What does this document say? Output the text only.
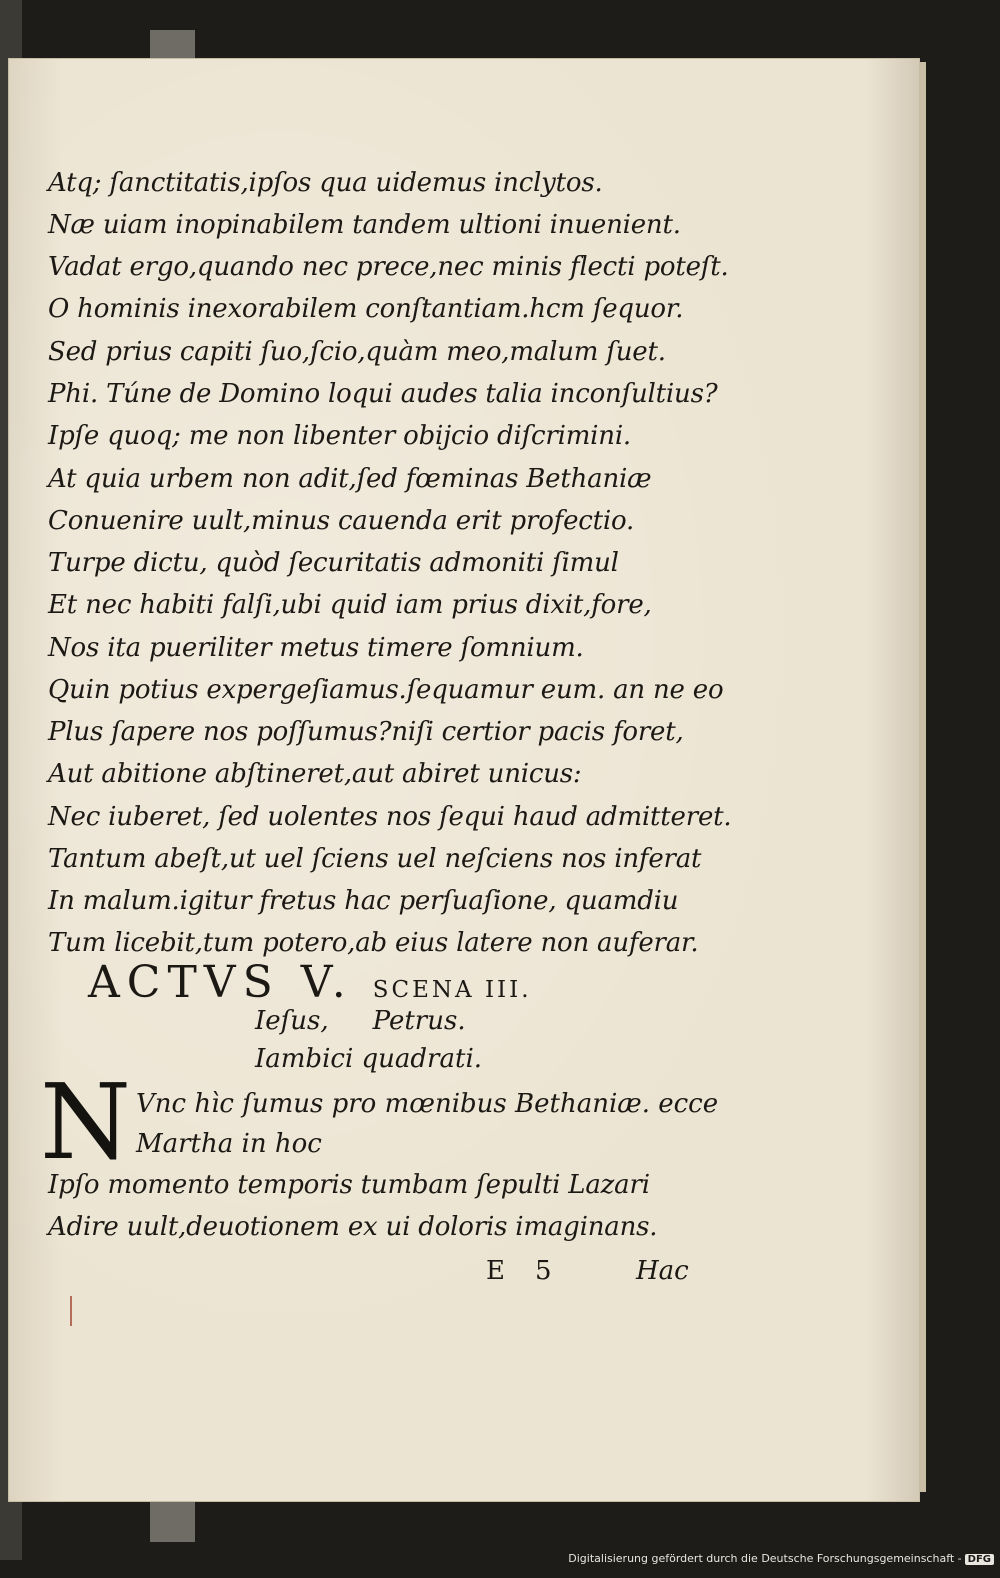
Atq; ſanctitatis,ipſos qua uidemus inclytos.
Næ uiam inopinabilem tandem ultioni inuenient.
Vadat ergo,quando nec prece,nec minis flecti poteſt.
O hominis inexorabilem conſtantiam.hcm ſequor.
Sed prius capiti ſuo,ſcio,quàm meo,malum ſuet.
Phi. Túne de Domino loqui audes talia inconſultius?
Ipſe quoq; me non libenter obijcio diſcrimini.
At quia urbem non adit,ſed fœminas Bethaniæ
Conuenire uult,minus cauenda erit profectio.
Turpe dictu, quòd ſecuritatis admoniti ſimul
Et nec habiti falſi,ubi quid iam prius dixit,fore,
Nos ita pueriliter metus timere ſomnium.
Quin potius expergeſiamus.ſequamur eum. an ne eo
Plus ſapere nos poſſumus?niſi certior pacis foret,
Aut abitione abſtineret,aut abiret unicus:
Nec iuberet, ſed uolentes nos ſequi haud admitteret.
Tantum abeſt,ut uel ſciens uel neſciens nos inferat
In malum.igitur fretus hac perſuaſione, quamdiu
Tum licebit,tum potero,ab eius latere non auferar.
ACTVS V. SCENA III.
Ieſus, Petrus.
Iambici quadrati.
N Vnc hìc ſumus pro mœnibus Bethaniæ. ecce
Martha in hoc
Ipſo momento temporis tumbam ſepulti Lazari
Adire uult,deuotionem ex ui doloris imaginans.
E 5	Hac
Digitalisierung gefördert durch die Deutsche Forschungsgemeinschaft - DFG
